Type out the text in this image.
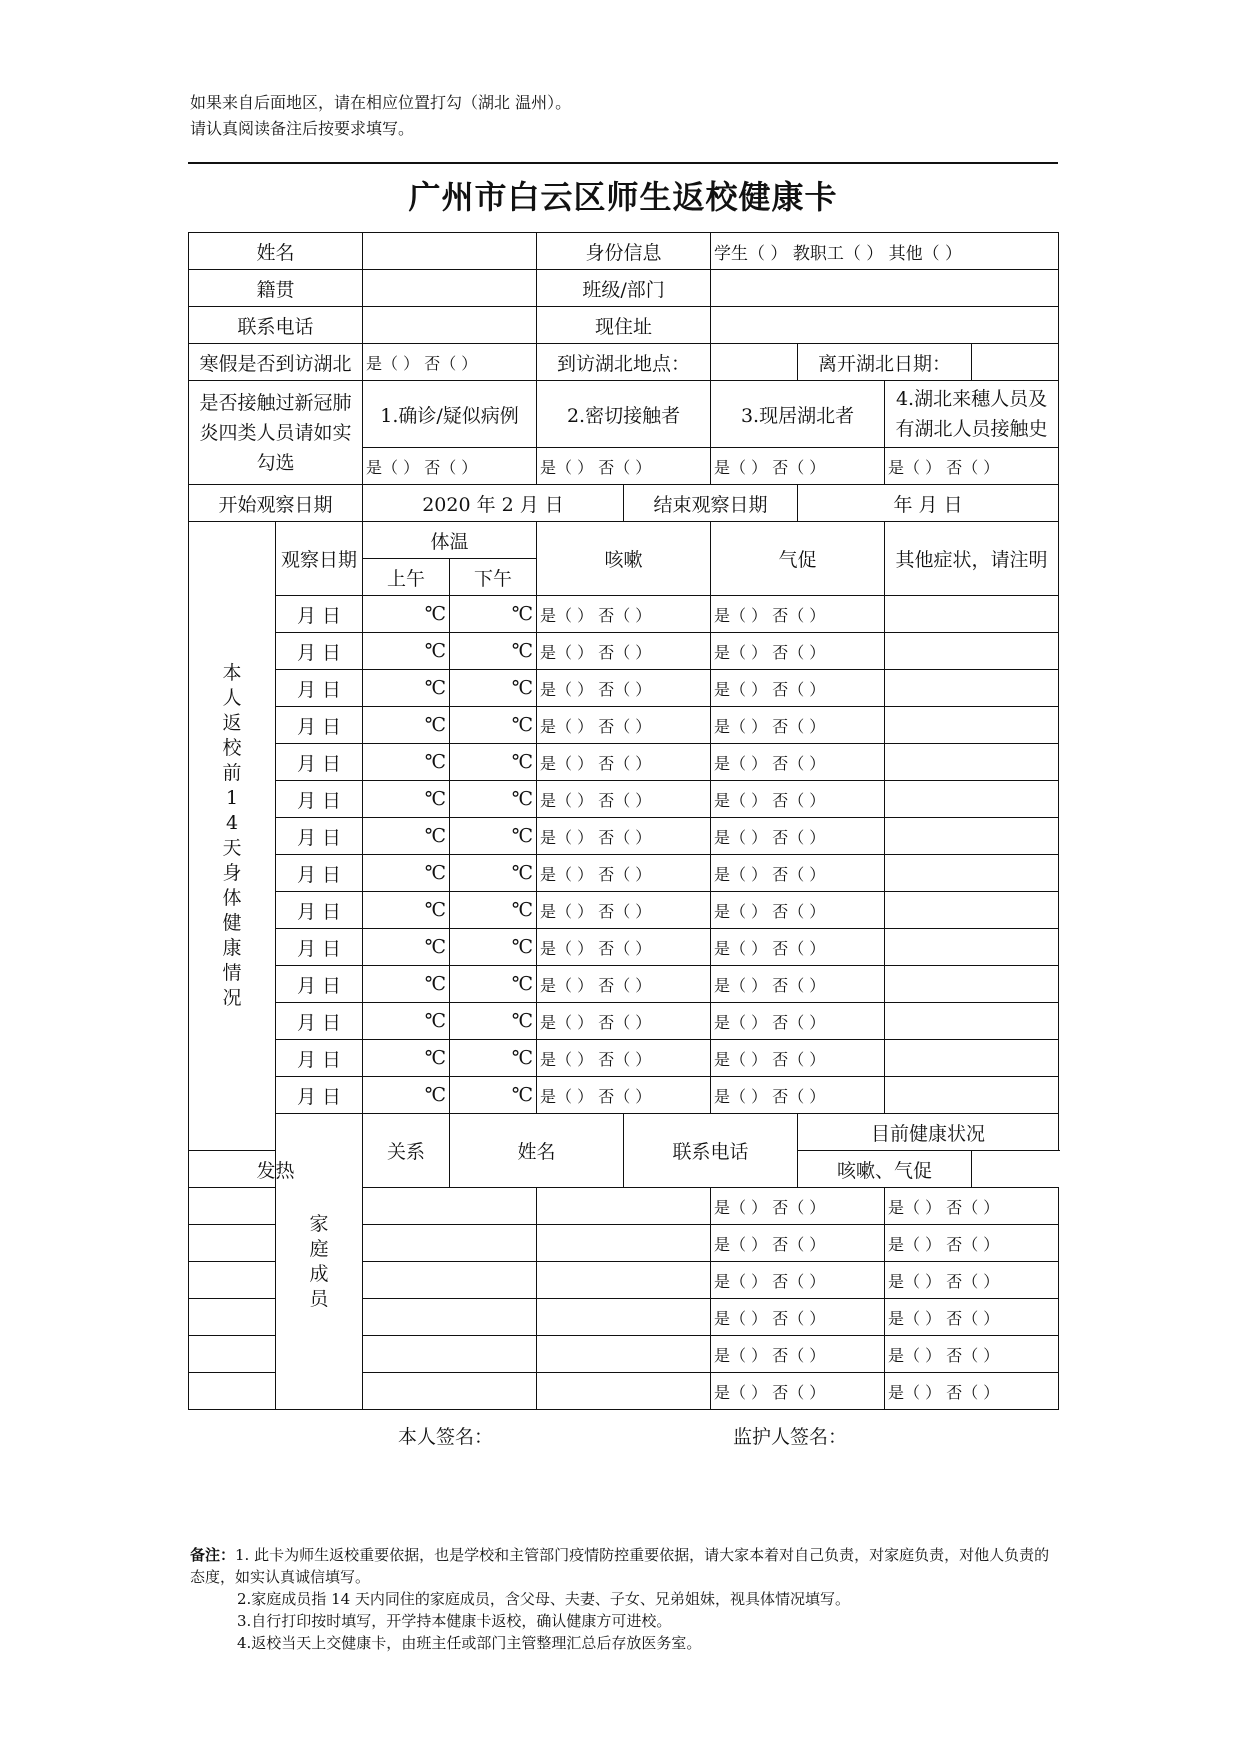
如果来自后面地区，请在相应位置打勾（湖北 温州）。
请认真阅读备注后按要求填写。
广州市白云区师生返校健康卡
姓名				身份信息		学生（ ） 教职工（ ） 其他（ ）			
籍贯				班级/部门					
联系电话				现住址					
寒假是否到访湖北		是（ ） 否（ ）		到访湖北地点：			离开湖北日期：		
是否接触过新冠肺炎四类人员请如实勾选		1.确诊/疑似病例		2.密切接触者		3.现居湖北者		4.湖北来穗人员及有湖北人员接触史	
		是（ ） 否（ ）		是（ ） 否（ ）		是（ ） 否（ ）		是（ ） 否（ ）	
开始观察日期		2020 年 2 月 日			结束观察日期		年 月 日		
本人返校前14天身体健康情况	观察日期	体温		咳嗽		气促		其他症状，请注明	
		上午	下午						
	月 日	℃	℃	是（ ） 否（ ）		是（ ） 否（ ）			
	月 日	℃	℃	是（ ） 否（ ）		是（ ） 否（ ）			
	月 日	℃	℃	是（ ） 否（ ）		是（ ） 否（ ）			
	月 日	℃	℃	是（ ） 否（ ）		是（ ） 否（ ）			
	月 日	℃	℃	是（ ） 否（ ）		是（ ） 否（ ）			
	月 日	℃	℃	是（ ） 否（ ）		是（ ） 否（ ）			
	月 日	℃	℃	是（ ） 否（ ）		是（ ） 否（ ）			
	月 日	℃	℃	是（ ） 否（ ）		是（ ） 否（ ）			
	月 日	℃	℃	是（ ） 否（ ）		是（ ） 否（ ）			
	月 日	℃	℃	是（ ） 否（ ）		是（ ） 否（ ）			
	月 日	℃	℃	是（ ） 否（ ）		是（ ） 否（ ）			
	月 日	℃	℃	是（ ） 否（ ）		是（ ） 否（ ）			
	月 日	℃	℃	是（ ） 否（ ）		是（ ） 否（ ）			
	月 日	℃	℃	是（ ） 否（ ）		是（ ） 否（ ）			
	家庭成员	关系	姓名		联系电话		目前健康状况		
发热							咳嗽、气促		
						是（ ） 否（ ）		是（ ） 否（ ）	
						是（ ） 否（ ）		是（ ） 否（ ）	
						是（ ） 否（ ）		是（ ） 否（ ）	
						是（ ） 否（ ）		是（ ） 否（ ）	
						是（ ） 否（ ）		是（ ） 否（ ）	
						是（ ） 否（ ）		是（ ） 否（ ）	
本人签名：	监护人签名：

备注：1. 此卡为师生返校重要依据，也是学校和主管部门疫情防控重要依据，请大家本着对自己负责，对家庭负责，对他人负责的态度，如实认真诚信填写。

2.家庭成员指 14 天内同住的家庭成员，含父母、夫妻、子女、兄弟姐妹，视具体情况填写。

3.自行打印按时填写，开学持本健康卡返校，确认健康方可进校。

4.返校当天上交健康卡，由班主任或部门主管整理汇总后存放医务室。
